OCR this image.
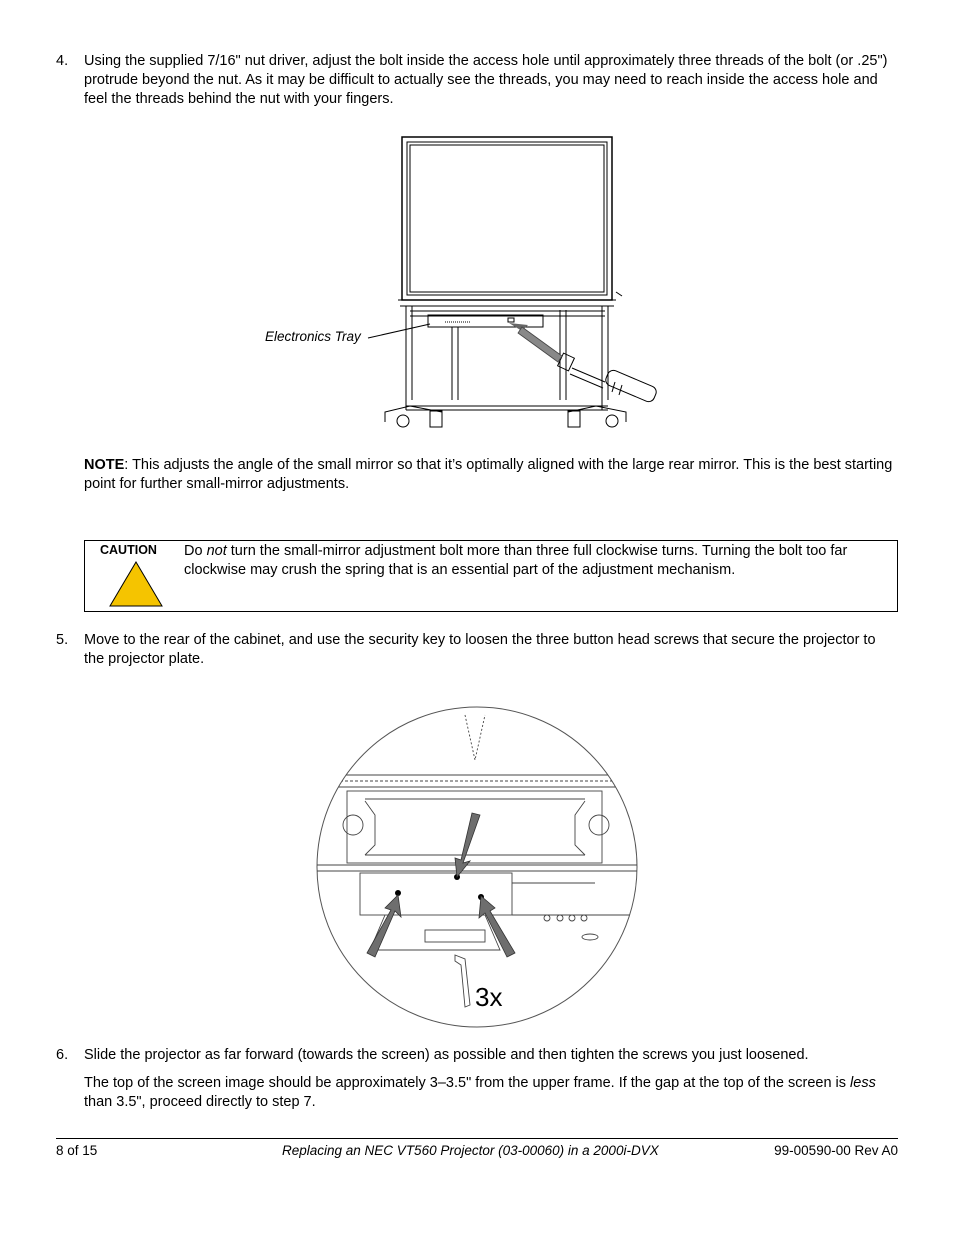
4.	Using the supplied 7/16" nut driver, adjust the bolt inside the access hole until approximately three threads of the bolt (or .25") protrude beyond the nut. As it may be difficult to actually see the threads, you may need to reach inside the access hole and feel the threads behind the nut with your fingers.
Electronics Tray
NOTE: This adjusts the angle of the small mirror so that it’s optimally aligned with the large rear mirror. This is the best starting point for further small-mirror adjustments.
CAUTION Do not turn the small-mirror adjustment bolt more than three full clockwise turns. Turning the bolt too far clockwise may crush the spring that is an essential part of the adjustment mechanism.
5.	Move to the rear of the cabinet, and use the security key to loosen the three button head screws that secure the projector to the projector plate.
3x
6.	Slide the projector as far forward (towards the screen) as possible and then tighten the screws you just loosened.
The top of the screen image should be approximately 3–3.5" from the upper frame. If the gap at the top of the screen is less than 3.5", proceed directly to step 7.
8 of 15	Replacing an NEC VT560 Projector (03-00060) in a 2000i-DVX	99-00590-00 Rev A0
